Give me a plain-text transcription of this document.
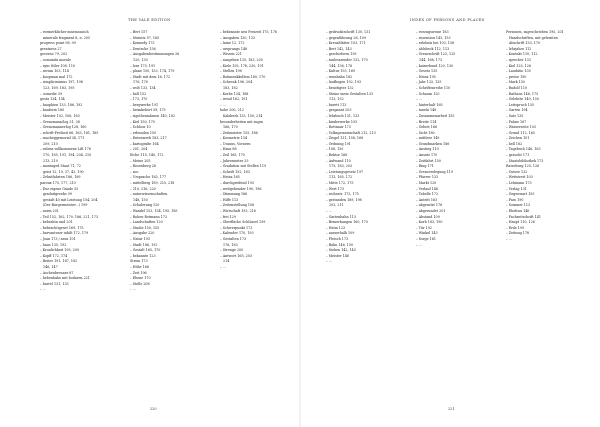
THE YALE EDITION
– vormerklicher mnemonisch
minerale fragment 8, n. 205
progress point 98, 99
greatness 27
governo 79, 202
– comunità morale
– sync fitler 108, 110
– serum 103, 114
– koopman mal 172
– simplicissimus 197, 198
123, 169, 183, 195
– comedie 39
gesta 134, 154
– bauphien 133, 186, 192
– bauform 180
– Meister 102, 106, 163
– Grenzmann/log 31, 38
– Grenzmannerlog 128, 160
– schrift-Freiheit 66, 163, 181, 185
– macheggemorial 34, 171
209, 210
– valenz vollkommene Lift 176
170, 185, 191, 194, 204, 210
213, 219
– montaged Staat 71, 72
geist 12, 19, 37, 43, 190
– Zehntfahrten 186, 189
paroux 175, 177, 210
– Dur eigene Gnade 55
graduitgreeks 99
gestalt 40 mit Leistung 154, 204
(Der Burgermeister...) 199
– norm 201
– Teil 152, 162, 170, 186, 221, 173
– bebrahtn und 201
– bebrachtigeset 169, 175
– barvantvarr inhilt 172, 179
– Joan 173 / aeus 101
– haus 135, 192
– Kronlichkeit 195, 209
– Kopff 172, 174
– Reiter 191, 167, 182
146, 147
– Aschenbrenner 87
– bebenhahe mit bodaren 221
– barrel 131, 133
– ...
– Bert 157
– Steinitz 57, 165
– Kennedy 173
– Deutsche 156
– Ausgabenbestimmungen 26
120, 130
– lese 175, 191
– plane 150, 153, 174, 179
– Stadt mit dem 16, 172
176, 178
– wolt 133, 134
– ball 152
– 173, 170
– bergwerke 191
– heimbehört 59, 175
– rigotheniahmen 149, 182
– Kiel 150, 175
– Schloss 10
– erbunden 150
– Entenwerk 183, 217
– kartografie 164
– 201, 204
Eiche 115, 140, 172
– Meine 205
– Rosenberg 26
– zoo
– Ursprache 163, 177
– mittelberg 189, 215, 218
– 210, 216, 220
– naturwissenschaften
148, 150
– Schulerung 120
– Wandel 153, 154, 195, 185
– Rohen-Rotmann 173
– Landschaften 120
– Studie 150, 155
– Ausgabe 220
– Natur 193
– Stadt 186, 192
– Gestalt 165, 170
– bekannte 123
Strom 173
– Höhe 166
– Zeit 196
– Ebene 170
– Stelle 208
– ...
– bebrannte neu Freizeit 175, 176
– Ausgaben 130, 133
– laine 12, 172
– ursprungs 146
– Wissen 221
– ausgehen 135, 183, 205
– Kiele 193, 178, 230, 191
– Stellen 198
– Rohmenkkellem 180, 170
– Schrenk 196, 204
183, 182
– Kerbe 134, 168
– wend 162, 191
– ...
hohe 200, 212
Kalsbeek 133, 150, 214
besonderheiten mit zuges
166, 170
– Zeitmeister 155, 186
– Kosmetrie 154
– Uranus, Vornern
– Haus 88
– Zeil 165, 170
– Jahresmeter 25
– Gradation mit Stellen 119
– Schrift 152, 183
– Heinz 165
– durchgreifend 193
– weitgehender 190, 196
– Stimmung 166
– Hilfe 113
– Zeitenstellung 106
– Wirtschaft 193, 216
– frei 129
– Oberfläche Schlüssel 199
– Schwerpunkt 173
– Kalender 170, 193
– Gestalten 173
176, 183
– Strenge 200
– Antwort 165, 203
214
– ...
220
INDEX OF PERSONS AND PLACES
– gedrucktschrift 130, 131
– gegenführung 26, 109
– Kreuzblätter 153, 171
– Bert 142, 143
– geschiebern 193
– taulesszender 132, 170
144, 156, 178
– Kultur 193, 169
– rennbahn 182
– laufbogen 192, 193
– benötigter 132
– Steine mein Gestalten 133
113, 152
– barett 113
– gespannt 203
– lehrbuch 131, 133
– kinderwerke 193
– Rottmair 173
– Volksgemeinschaft 212, 213
– Ziegel 131, 158, 168
– Ordnung 191
– 108, 130
– Rektor 166
– Aufwand 110
175, 183, 203
– Leistungsgesetz 197
113, 165, 172
– Mitte 172, 175
– Wert 173
– wohnstr. 173, 175
– gestanden 189, 198
203, 211
– ...
– Gartenbahn 113
– Bemerkungen 160, 170
– Heim 123
– ausserhalb 109
– Fleisch 173
– Bahn 146, 150
– Sieben 142, 143
– Meister 146
– ...
– vorzugsweise 183
– rezension 143, 153
– erlebnis bei 103, 156
– ahlsbeck 112, 113
– Grenzschrift 123, 125
144, 168, 173
– kaiserbund 120, 130
– Gesetz 135
– Heinz 195
– Jahr 133, 135
– Schriftenreihe 110
– Schaum 120
– ...
– hinterhalt 165
– taxeln 148
– Zusammenarbeit 155
– Breite 114
– Gebiet 166
– Sicht 180
– mittlere 149
– Grundmarken 186
– Anstieg 110
– Ansatz 170
– Zeitfahrt 150
– Ring 171
– Grenzverlegung 119
– Pfarrer 133
– Markt 120
– Verlauf 146
– Tabelle 172
– Antritt 163
– abgesetzt 176
– abgerundet 201
– Abstand 109
– Korb 183, 190
– Tür 192
– Winkel 143
– Sorge 161
– ...
Personen, zugeschrieben 195, 201
Handschriften, mit gelernten
Abschrift 153, 170
– lehrjahre 112
– Kontakt 110, 112
– sprecher 133
– Kiel 125, 126
– Laudatio 130
– preise 190
– Mark 150
– Rudolf 110
– Rathaus 146, 175
– Gelehrte 149, 150
– Leitspruch 155
– Garten 194
– Satz 135
– Fahne 167
– Wasserseite 103
– Grund 112, 165
– Zeichen 101
– hell 182
– Tagebuch 146, 163
– gesucht 171
– Staatsbibliothek 173
Ratzeburg 125, 126
– Ostsee 132
– Wettstreit 103
– Lehmann 173
– Verlag 131
– Gegenwart 155
– Pass 190
– Sommer 113
– Ehefrau 146
– Fachzeitschrift 141
– Haupt 110, 126
– Erde 195
– Zeitung 178
– ...
221
